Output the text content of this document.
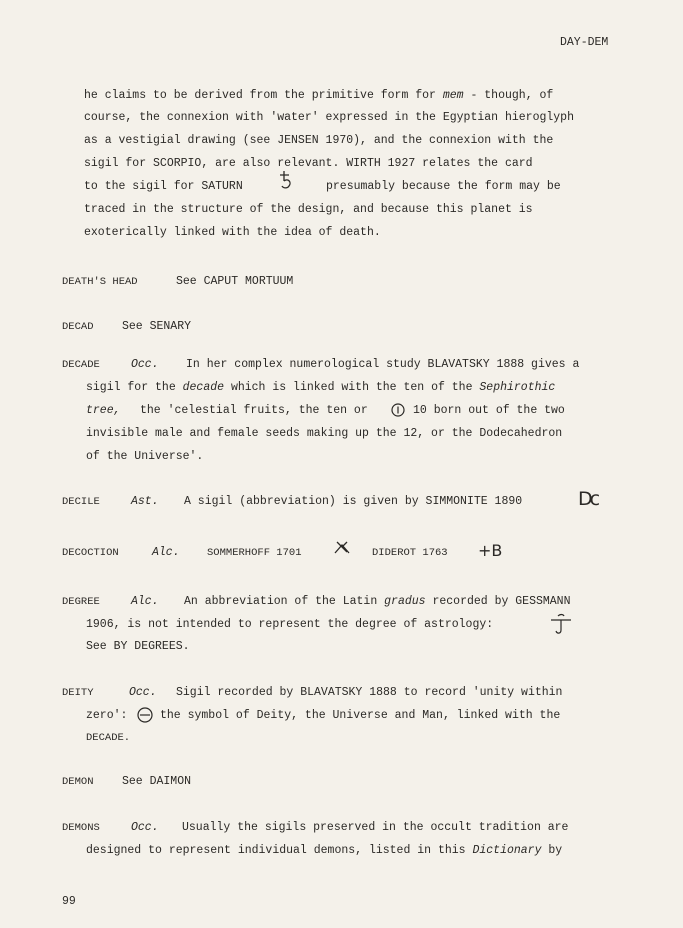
DAY-DEM
he claims to be derived from the primitive form for mem - though, of
course, the connexion with 'water' expressed in the Egyptian hieroglyph
as a vestigial drawing (see JENSEN 1970), and the connexion with the
sigil for SCORPIO, are also relevant. WIRTH 1927 relates the card
to the sigil for SATURN	presumably because the form may be
traced in the structure of the design, and because this planet is
exoterically linked with the idea of death.
DEATH'S HEAD	See CAPUT MORTUUM
DECAD See SENARY
DECADE	Occ. In her complex numerological study BLAVATSKY 1888 gives a
sigil for the decade which is linked with the ten of the Sephirothic
tree, the 'celestial fruits, the ten or	10 born out of the two
invisible male and female seeds making up the 12, or the Dodecahedron
of the Universe'.
DECILE	Ast. A sigil (abbreviation) is given by SIMMONITE 1890	Dc
DECOCTION	Alc.	SOMMERHOFF 1701	DIDEROT 1763 +B
DEGREE	Alc. An abbreviation of the Latin gradus recorded by GESSMANN
1906, is not intended to represent the degree of astrology:
See BY DEGREES.
DEITY	Occ. Sigil recorded by BLAVATSKY 1888 to record 'unity within
zero':	the symbol of Deity, the Universe and Man, linked with the
DECADE.
DEMON See DAIMON
DEMONS	Occ. Usually the sigils preserved in the occult tradition are
designed to represent individual demons, listed in this Dictionary by
99
